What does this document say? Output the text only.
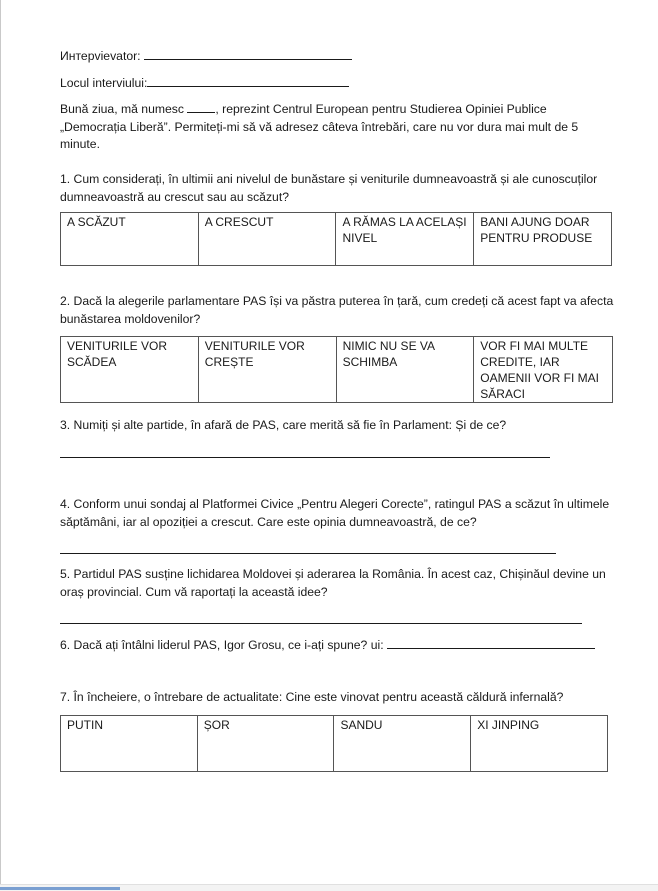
Интерvievator:
Locul interviului:
Bună ziua, mă numesc , reprezint Centrul European pentru Studierea Opiniei Publice „Democrația Liberă”. Permiteți-mi să vă adresez câteva întrebări, care nu vor dura mai mult de 5 minute.
1. Cum considerați, în ultimii ani nivelul de bunăstare și veniturile dumneavoastră și ale cunoscuților dumneavoastră au crescut sau au scăzut?
A SCĂZUT	A CRESCUT	A RĂMAS LA ACELAȘI NIVEL	BANI AJUNG DOAR PENTRU PRODUSE
2. Dacă la alegerile parlamentare PAS își va păstra puterea în țară, cum credeți că acest fapt va afecta bunăstarea moldovenilor?
VENITURILE VOR SCĂDEA	VENITURILE VOR CREȘTE	NIMIC NU SE VA SCHIMBA	VOR FI MAI MULTE CREDITE, IAR OAMENII VOR FI MAI SĂRACI
3. Numiți și alte partide, în afară de PAS, care merită să fie în Parlament: Și de ce?
4. Conform unui sondaj al Platformei Civice „Pentru Alegeri Corecte”, ratingul PAS a scăzut în ultimele săptămâni, iar al opoziției a crescut. Care este opinia dumneavoastră, de ce?
5. Partidul PAS susține lichidarea Moldovei și aderarea la România. În acest caz, Chișinăul devine un oraș provincial. Cum vă raportați la această idee?
6. Dacă ați întâlni liderul PAS, Igor Grosu, ce i-ați spune? ui:
7. În încheiere, o întrebare de actualitate: Cine este vinovat pentru această căldură infernală?
PUTIN	ȘOR	SANDU	XI JINPING
